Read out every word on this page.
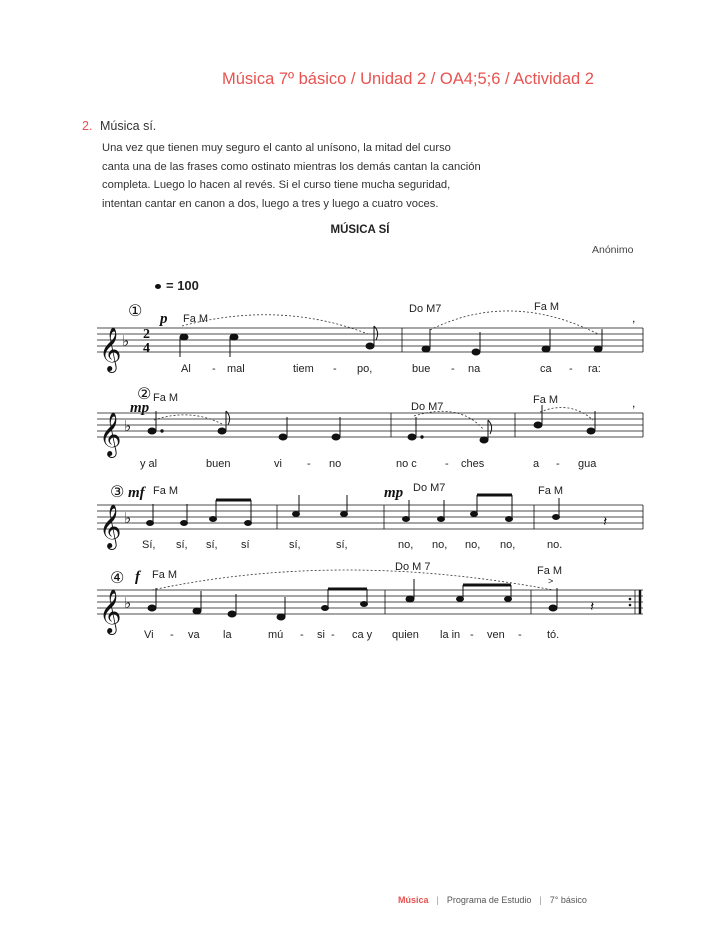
Música 7º básico / Unidad 2 / OA4;5;6 / Actividad 2
2. Música sí.
Una vez que tienen muy seguro el canto al unísono, la mitad del curso
canta una de las frases como ostinato mientras los demás cantan la canción
completa. Luego lo hacen al revés. Si el curso tiene mucha seguridad,
intentan cantar en canon a dos, luego a tres y luego a cuatro voces.
MÚSICA SÍ
Anónimo
= 100
𝄞 ♭ 2
4
① p Fa M
Do M7	Fa M
Al - mal	tiem - po,	bue - na	ca - ra:
,
𝄞 ♭
②
mp
Fa M
Do M7
Fa M
y al	buen	vi - no	no c	- ches	a - gua
,
𝄞 ♭
③ mf	mp
Fa M	Do M7	Fa M
𝄽
Sí, sí, sí, sí	sí,	sí,	no, no, no, no,	no.
𝄞 ♭
④ f Fa M
Do M 7	Fa M
>
𝄽
Vi - va la	mú - si - ca y quien la in - ven - tó.
Música | Programa de Estudio | 7° básico
